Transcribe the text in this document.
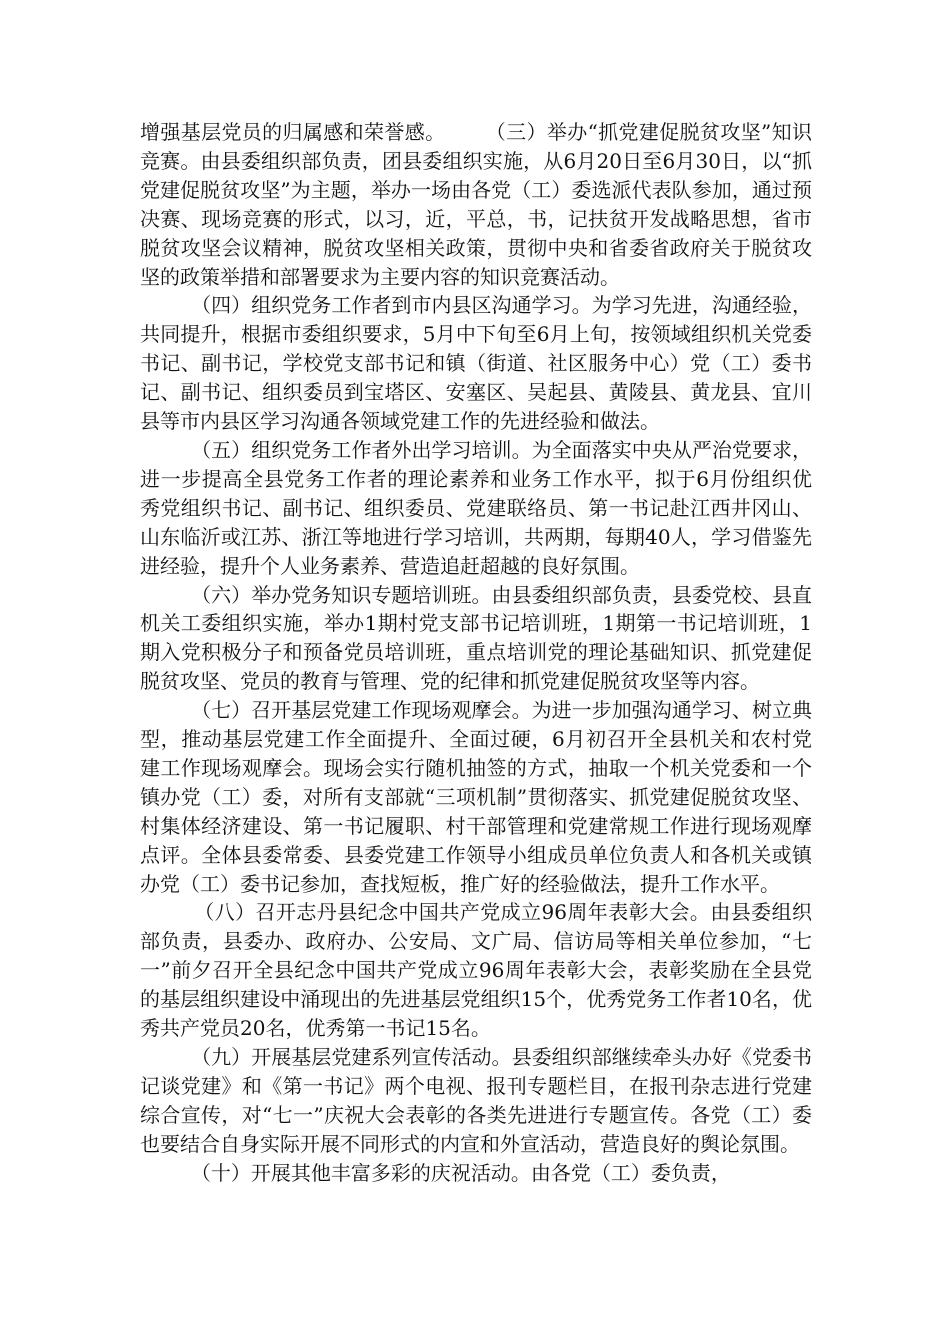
增强基层党员的归属感和荣誉感。      （三）举办“抓党建促脱贫攻坚”知识竞赛。由县委组织部负责，团县委组织实施，从6月20日至6月30日，以“抓党建促脱贫攻坚”为主题，举办一场由各党（工）委选派代表队参加，通过预决赛、现场竞赛的形式，以习，近，平总，书，记扶贫开发战略思想，省市脱贫攻坚会议精神，脱贫攻坚相关政策，贯彻中央和省委省政府关于脱贫攻坚的政策举措和部署要求为主要内容的知识竞赛活动。

（四）组织党务工作者到市内县区沟通学习。为学习先进，沟通经验，共同提升，根据市委组织要求，5月中下旬至6月上旬，按领域组织机关党委书记、副书记，学校党支部书记和镇（街道、社区服务中心）党（工）委书记、副书记、组织委员到宝塔区、安塞区、吴起县、黄陵县、黄龙县、宜川县等市内县区学习沟通各领域党建工作的先进经验和做法。

（五）组织党务工作者外出学习培训。为全面落实中央从严治党要求，进一步提高全县党务工作者的理论素养和业务工作水平，拟于6月份组织优秀党组织书记、副书记、组织委员、党建联络员、第一书记赴江西井冈山、山东临沂或江苏、浙江等地进行学习培训，共两期，每期40人，学习借鉴先进经验，提升个人业务素养、营造追赶超越的良好氛围。

（六）举办党务知识专题培训班。由县委组织部负责，县委党校、县直机关工委组织实施，举办1期村党支部书记培训班，1期第一书记培训班，1期入党积极分子和预备党员培训班，重点培训党的理论基础知识、抓党建促脱贫攻坚、党员的教育与管理、党的纪律和抓党建促脱贫攻坚等内容。

（七）召开基层党建工作现场观摩会。为进一步加强沟通学习、树立典型，推动基层党建工作全面提升、全面过硬，6月初召开全县机关和农村党建工作现场观摩会。现场会实行随机抽签的方式，抽取一个机关党委和一个镇办党（工）委，对所有支部就“三项机制”贯彻落实、抓党建促脱贫攻坚、村集体经济建设、第一书记履职、村干部管理和党建常规工作进行现场观摩点评。全体县委常委、县委党建工作领导小组成员单位负责人和各机关或镇办党（工）委书记参加，查找短板，推广好的经验做法，提升工作水平。

（八）召开志丹县纪念中国共产党成立96周年表彰大会。由县委组织部负责，县委办、政府办、公安局、文广局、信访局等相关单位参加，“七一”前夕召开全县纪念中国共产党成立96周年表彰大会，表彰奖励在全县党的基层组织建设中涌现出的先进基层党组织15个，优秀党务工作者10名，优秀共产党员20名，优秀第一书记15名。

（九）开展基层党建系列宣传活动。县委组织部继续牵头办好《党委书记谈党建》和《第一书记》两个电视、报刊专题栏目，在报刊杂志进行党建综合宣传，对“七一”庆祝大会表彰的各类先进进行专题宣传。各党（工）委也要结合自身实际开展不同形式的内宣和外宣活动，营造良好的舆论氛围。

（十）开展其他丰富多彩的庆祝活动。由各党（工）委负责，
